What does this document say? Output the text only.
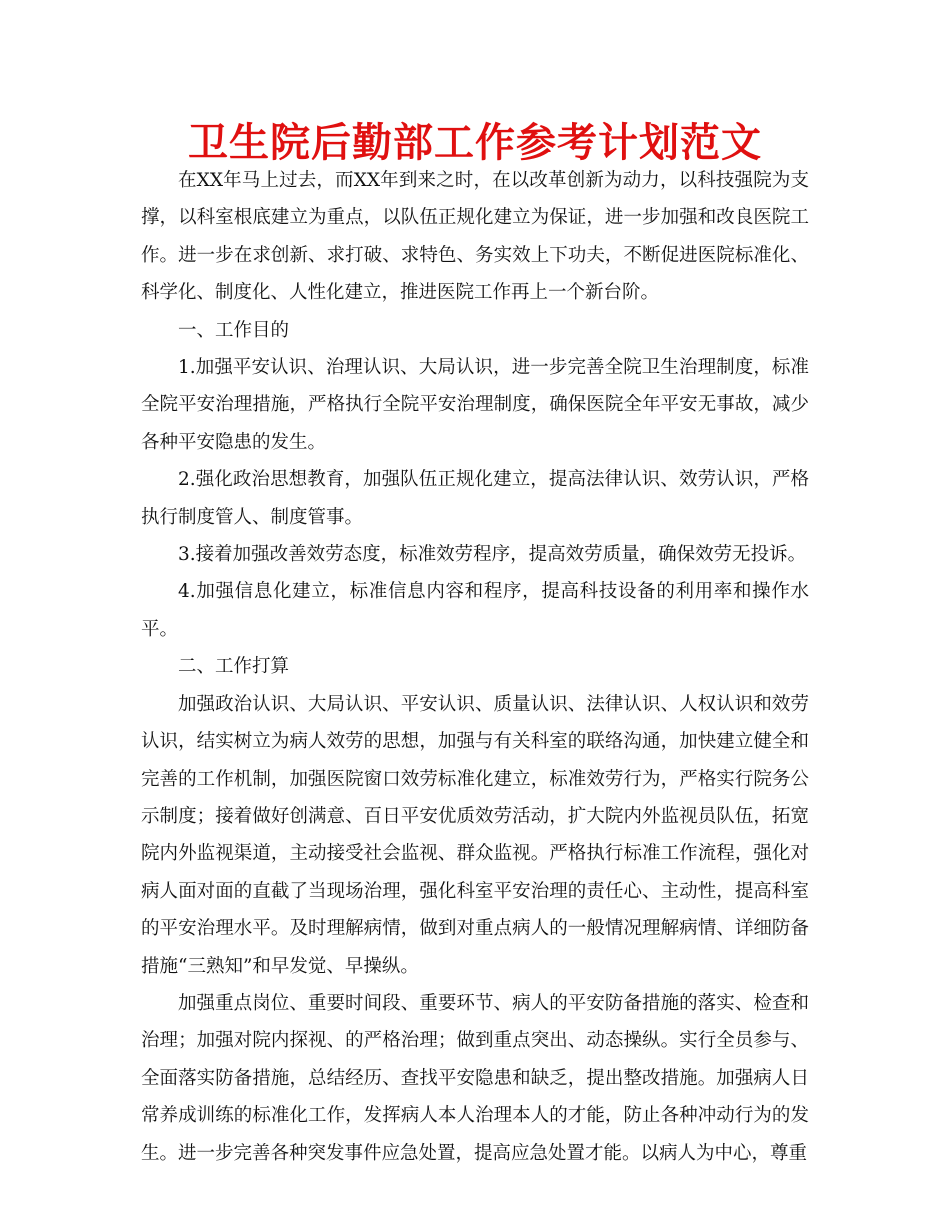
卫生院后勤部工作参考计划范文

在XX年马上过去，而XX年到来之时，在以改革创新为动力，以科技强院为支撑，以科室根底建立为重点，以队伍正规化建立为保证，进一步加强和改良医院工作。进一步在求创新、求打破、求特色、务实效上下功夫，不断促进医院标准化、科学化、制度化、人性化建立，推进医院工作再上一个新台阶。

一、工作目的

1.加强平安认识、治理认识、大局认识，进一步完善全院卫生治理制度，标准全院平安治理措施，严格执行全院平安治理制度，确保医院全年平安无事故，减少各种平安隐患的发生。

2.强化政治思想教育，加强队伍正规化建立，提高法律认识、效劳认识，严格执行制度管人、制度管事。

3.接着加强改善效劳态度，标准效劳程序，提高效劳质量，确保效劳无投诉。

4.加强信息化建立，标准信息内容和程序，提高科技设备的利用率和操作水平。

二、工作打算

加强政治认识、大局认识、平安认识、质量认识、法律认识、人权认识和效劳认识，结实树立为病人效劳的思想，加强与有关科室的联络沟通，加快建立健全和完善的工作机制，加强医院窗口效劳标准化建立，标准效劳行为，严格实行院务公示制度；接着做好创满意、百日平安优质效劳活动，扩大院内外监视员队伍，拓宽院内外监视渠道，主动接受社会监视、群众监视。严格执行标准工作流程，强化对病人面对面的直截了当现场治理，强化科室平安治理的责任心、主动性，提高科室的平安治理水平。及时理解病情，做到对重点病人的一般情况理解病情、详细防备措施“三熟知”和早发觉、早操纵。

加强重点岗位、重要时间段、重要环节、病人的平安防备措施的落实、检查和治理；加强对院内探视、的严格治理；做到重点突出、动态操纵。实行全员参与、全面落实防备措施，总结经历、查找平安隐患和缺乏，提出整改措施。加强病人日常养成训练的标准化工作，发挥病人本人治理本人的才能，防止各种冲动行为的发生。进一步完善各种突发事件应急处置，提高应急处置才能。以病人为中心，尊重
